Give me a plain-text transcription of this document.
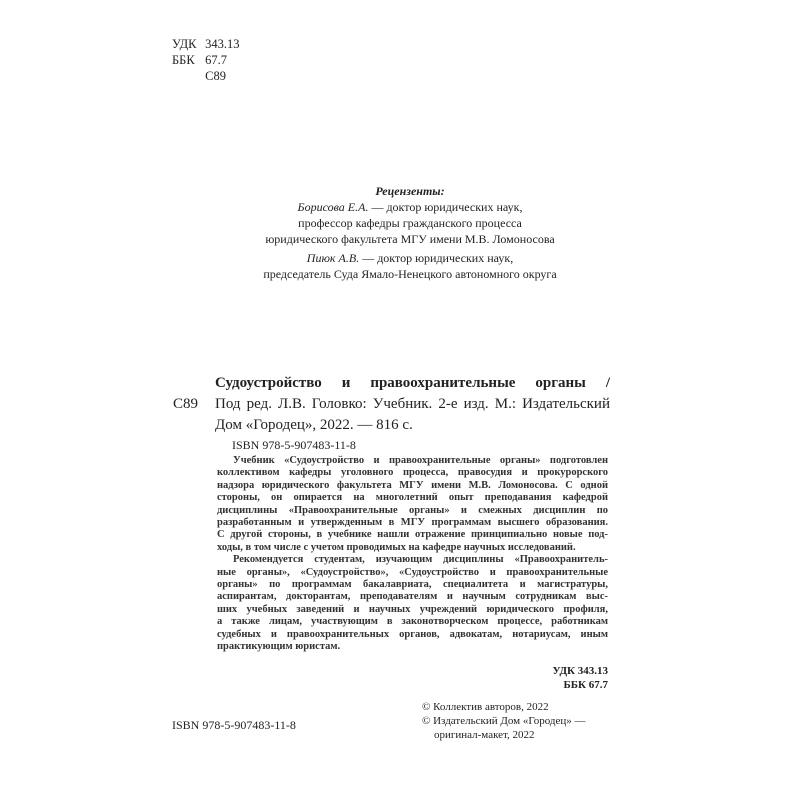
УДК 343.13
ББК 67.7
С89
Рецензенты:
Борисова Е.А. — доктор юридических наук,
профессор кафедры гражданского процесса
юридического факультета МГУ имени М.В. Ломоносова
Пиюк А.В. — доктор юридических наук,
председатель Суда Ямало-Ненецкого автономного округа
С89
Судоустройство и правоохранительные органы /
Под ред. Л.В. Головко: Учебник. 2-е изд. М.: Издательский
Дом «Городец», 2022. — 816 с.
ISBN 978-5-907483-11-8
Учебник «Судоустройство и правоохранительные органы» подготовлен
коллективом кафедры уголовного процесса, правосудия и прокурорского
надзора юридического факультета МГУ имени М.В. Ломоносова. С одной
стороны, он опирается на многолетний опыт преподавания кафедрой
дисциплины «Правоохранительные органы» и смежных дисциплин по
разработанным и утвержденным в МГУ программам высшего образования.
С другой стороны, в учебнике нашли отражение принципиально новые под-
ходы, в том числе с учетом проводимых на кафедре научных исследований.
Рекомендуется студентам, изучающим дисциплины «Правоохранитель-
ные органы», «Судоустройство», «Судоустройство и правоохранительные
органы» по программам бакалавриата, специалитета и магистратуры,
аспирантам, докторантам, преподавателям и научным сотрудникам выс-
ших учебных заведений и научных учреждений юридического профиля,
а также лицам, участвующим в законотворческом процессе, работникам
судебных и правоохранительных органов, адвокатам, нотариусам, иным
практикующим юристам.
УДК 343.13
ББК 67.7
© Коллектив авторов, 2022
© Издательский Дом «Городец» —
оригинал-макет, 2022
ISBN 978-5-907483-11-8
